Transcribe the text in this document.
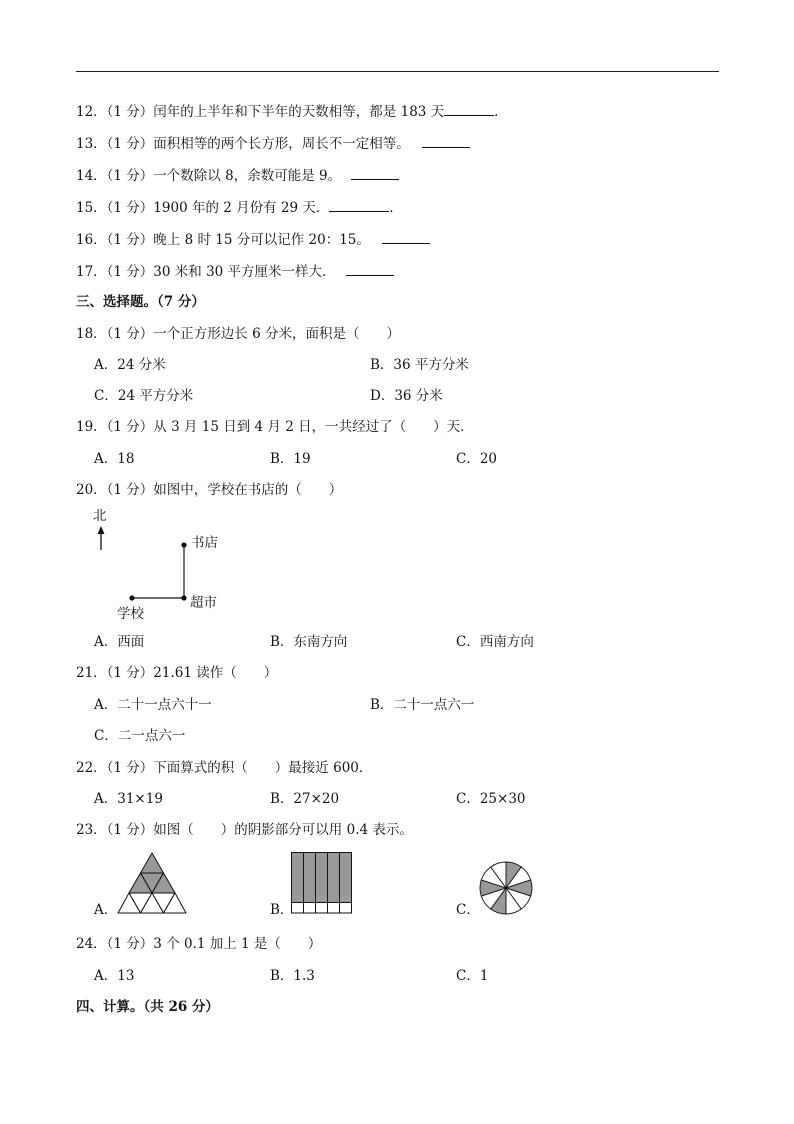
12．（1 分）闰年的上半年和下半年的天数相等，都是 183 天	．
13．（1 分）面积相等的两个长方形，周长不一定相等。
14．（1 分）一个数除以 8，余数可能是 9。
15．（1 分）1900 年的 2 月份有 29 天．	．
16．（1 分）晚上 8 时 15 分可以记作 20：15。
17．（1 分）30 米和 30 平方厘米一样大．
三、选择题。（7 分）
18．（1 分）一个正方形边长 6 分米，面积是（　　）
A．24 分米	B．36 平方分米
C．24 平方分米	D．36 分米
19．（1 分）从 3 月 15 日到 4 月 2 日，一共经过了（　　）天．
A．18	B．19	C．20
20．（1 分）如图中，学校在书店的（　　）
北
书店
超市
学校
A．西面	B．东南方向	C．西南方向
21．（1 分）21.61 读作（　　）
A．二十一点六十一	B．二十一点六一
C．二一点六一
22．（1 分）下面算式的积（　　）最接近 600．
A．31×19	B．27×20	C．25×30
23．（1 分）如图（　　）的阴影部分可以用 0.4 表示。
A．	B．	C．
24．（1 分）3 个 0.1 加上 1 是（　　）
A．13	B．1.3	C．1
四、计算。（共 26 分）
